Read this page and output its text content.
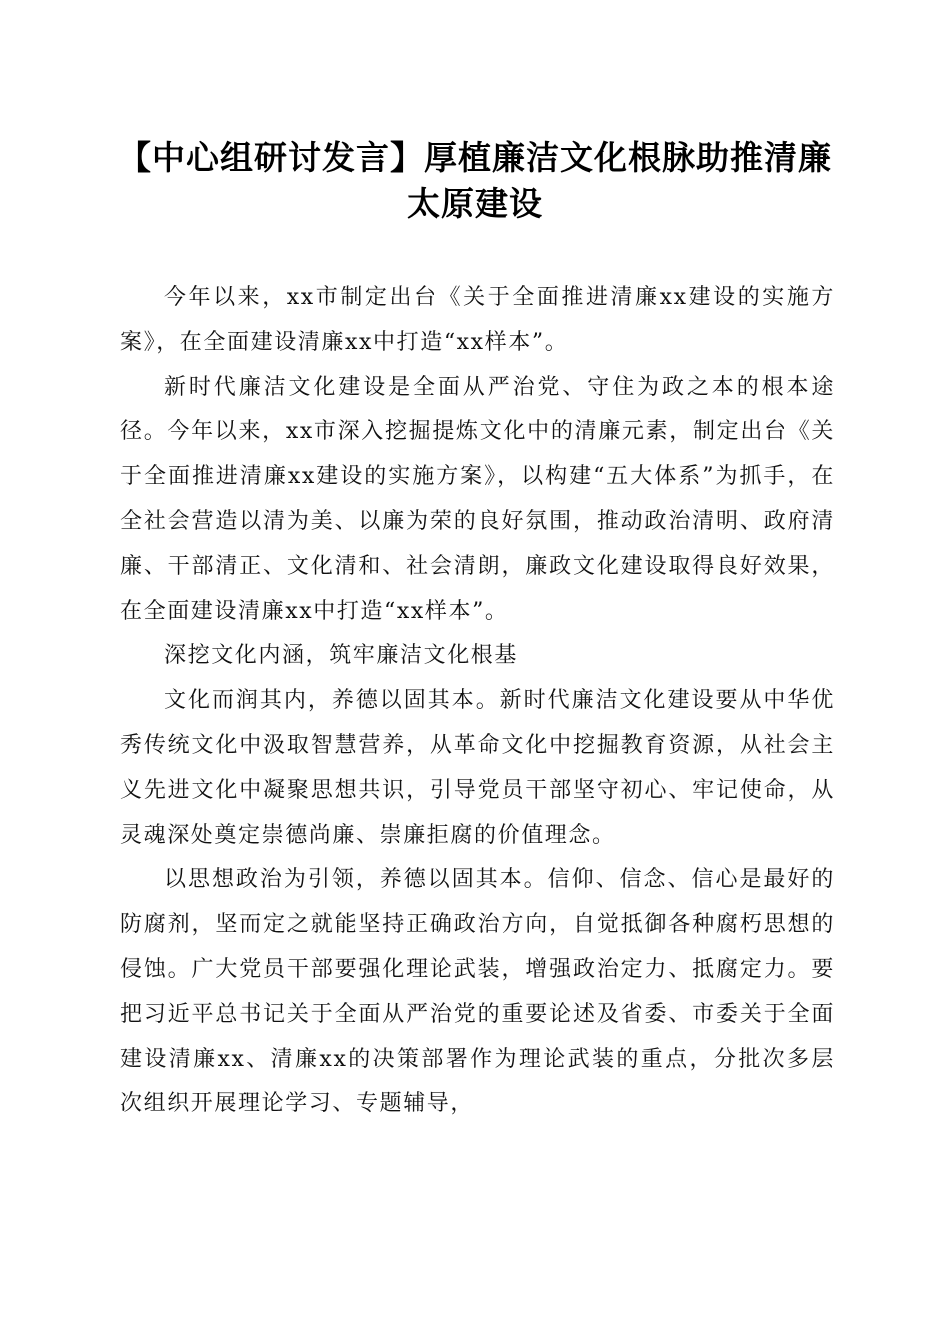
【中心组研讨发言】厚植廉洁文化根脉助推清廉太原建设

今年以来，xx市制定出台《关于全面推进清廉xx建设的实施方案》，在全面建设清廉xx中打造“xx样本”。

新时代廉洁文化建设是全面从严治党、守住为政之本的根本途径。今年以来，xx市深入挖掘提炼文化中的清廉元素，制定出台《关于全面推进清廉xx建设的实施方案》，以构建“五大体系”为抓手，在全社会营造以清为美、以廉为荣的良好氛围，推动政治清明、政府清廉、干部清正、文化清和、社会清朗，廉政文化建设取得良好效果，在全面建设清廉xx中打造“xx样本”。

深挖文化内涵，筑牢廉洁文化根基

文化而润其内，养德以固其本。新时代廉洁文化建设要从中华优秀传统文化中汲取智慧营养，从革命文化中挖掘教育资源，从社会主义先进文化中凝聚思想共识，引导党员干部坚守初心、牢记使命，从灵魂深处奠定崇德尚廉、崇廉拒腐的价值理念。

以思想政治为引领，养德以固其本。信仰、信念、信心是最好的防腐剂，坚而定之就能坚持正确政治方向，自觉抵御各种腐朽思想的侵蚀。广大党员干部要强化理论武装，增强政治定力、抵腐定力。要把习近平总书记关于全面从严治党的重要论述及省委、市委关于全面建设清廉xx、清廉xx的决策部署作为理论武装的重点，分批次多层次组织开展理论学习、专题辅导，
